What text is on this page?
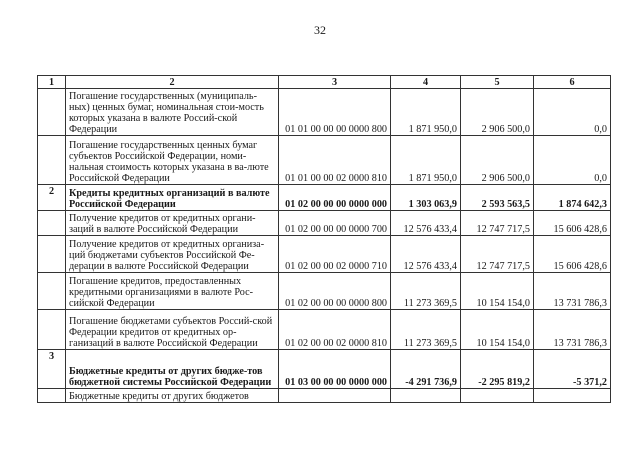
32
1	2	3	4	5	6
	Погашение государственных (муниципаль-ных) ценных бумаг, номинальная стои-мость которых указана в валюте Россий-ской Федерации	01 01 00 00 00 0000 800	1 871 950,0	2 906 500,0	0,0
	Погашение государственных ценных бумаг субъектов Российской Федерации, номи-нальная стоимость которых указана в ва-люте Российской Федерации	01 01 00 00 02 0000 810	1 871 950,0	2 906 500,0	0,0
2	Кредиты кредитных организаций в валюте Российской Федерации	01 02 00 00 00 0000 000	1 303 063,9	2 593 563,5	1 874 642,3
	Получение кредитов от кредитных органи-заций в валюте Российской Федерации	01 02 00 00 00 0000 700	12 576 433,4	12 747 717,5	15 606 428,6
	Получение кредитов от кредитных организа-ций бюджетами субъектов Российской Фе-дерации в валюте Российской Федерации	01 02 00 00 02 0000 710	12 576 433,4	12 747 717,5	15 606 428,6
	Погашение кредитов, предоставленных кредитными организациями в валюте Рос-сийской Федерации	01 02 00 00 00 0000 800	11 273 369,5	10 154 154,0	13 731 786,3
	Погашение бюджетами субъектов Россий-ской Федерации кредитов от кредитных ор-ганизаций в валюте Российской Федерации	01 02 00 00 02 0000 810	11 273 369,5	10 154 154,0	13 731 786,3
3	Бюджетные кредиты от других бюдже-тов бюджетной системы Российской Федерации	01 03 00 00 00 0000 000	-4 291 736,9	-2 295 819,2	-5 371,2
	Бюджетные кредиты от других бюджетов				
